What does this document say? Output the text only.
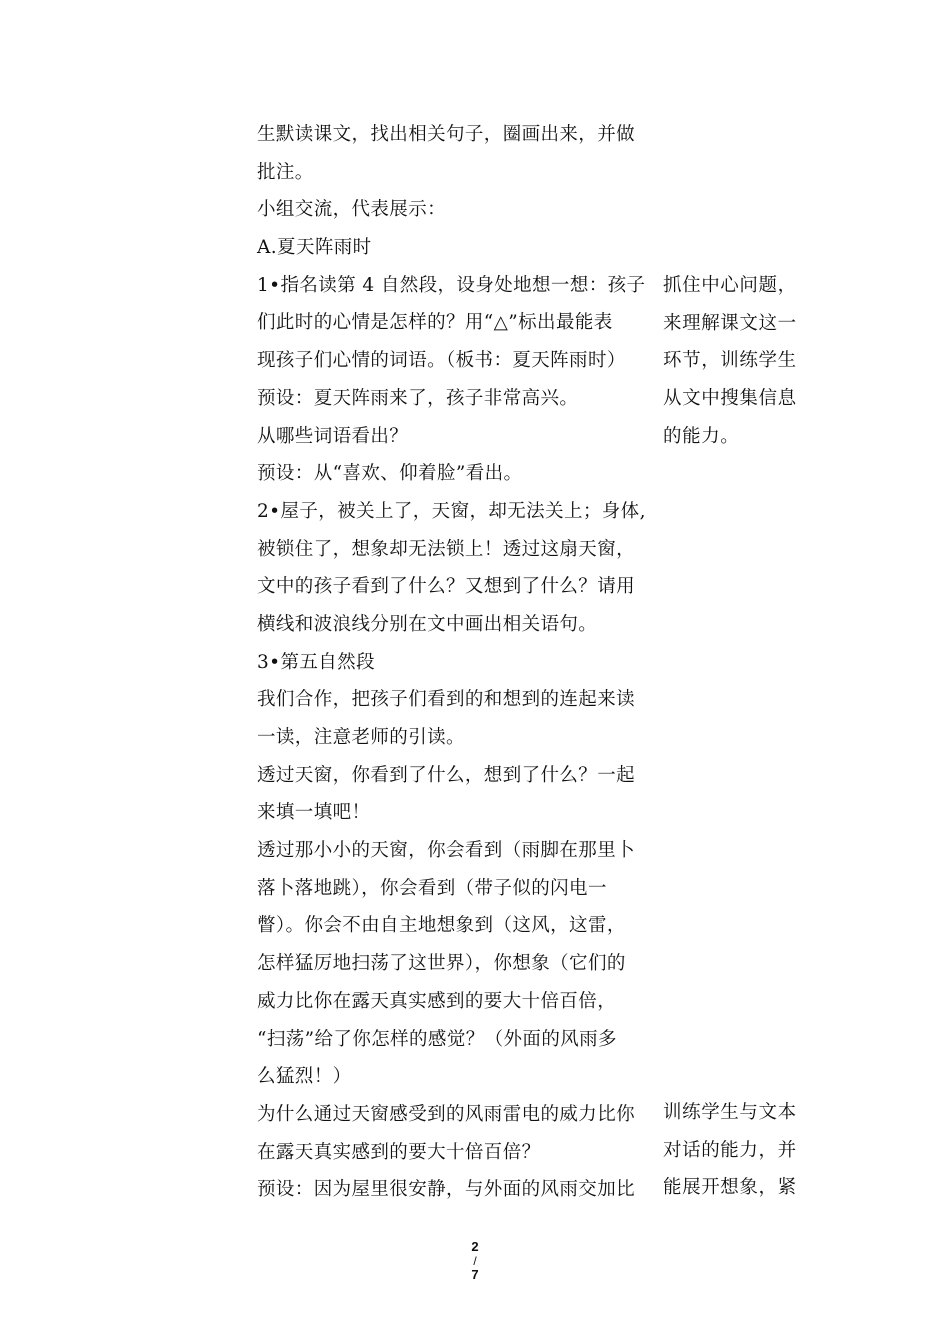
生默读课文，找出相关句子，圈画出来，并做
批注。
小组交流，代表展示：
A.夏天阵雨时
1•指名读第 4 自然段，设身处地想一想：孩子
们此时的心情是怎样的？用“△”标出最能表
现孩子们心情的词语。（板书：夏天阵雨时）
预设：夏天阵雨来了，孩子非常高兴。
从哪些词语看出？
预设：从“喜欢、仰着脸”看出。
2•屋子，被关上了，天窗，却无法关上；身体,
被锁住了，想象却无法锁上！透过这扇天窗，
文中的孩子看到了什么？又想到了什么？请用
横线和波浪线分别在文中画出相关语句。
3•第五自然段
我们合作，把孩子们看到的和想到的连起来读
一读，注意老师的引读。
透过天窗，你看到了什么，想到了什么？一起
来填一填吧！
透过那小小的天窗，你会看到（雨脚在那里卜
落卜落地跳），你会看到（带子似的闪电一
瞥）。你会不由自主地想象到（这风，这雷，
怎样猛厉地扫荡了这世界），你想象（它们的
威力比你在露天真实感到的要大十倍百倍，
“扫荡”给了你怎样的感觉？（外面的风雨多
么猛烈！）
为什么通过天窗感受到的风雨雷电的威力比你
在露天真实感到的要大十倍百倍？
预设：因为屋里很安静，与外面的风雨交加比
抓住中心问题，
来理解课文这一
环节，训练学生
从文中搜集信息
的能力。
训练学生与文本
对话的能力，并
能展开想象，紧
2
/
7
